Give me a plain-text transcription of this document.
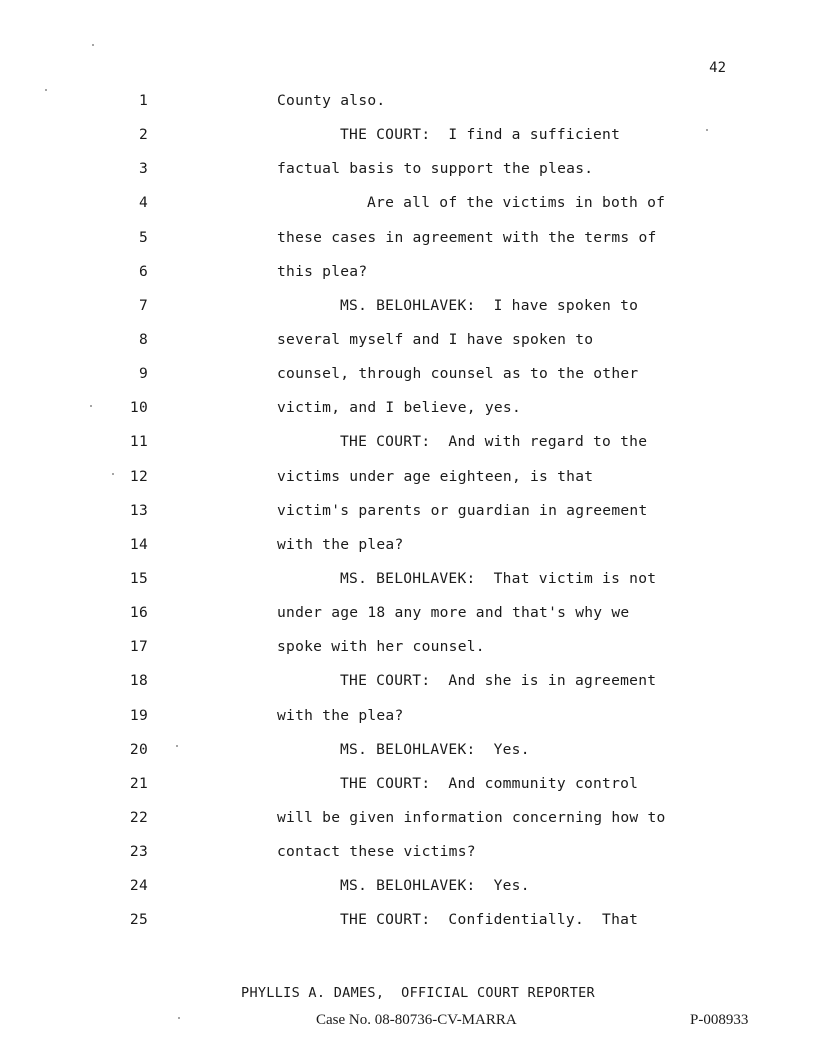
42

1

	County also.

2

	THE COURT:  I find a sufficient

3

	factual basis to support the pleas.

4

	Are all of the victims in both of

5

	these cases in agreement with the terms of

6

	this plea?

7

	MS. BELOHLAVEK:  I have spoken to

8

	several myself and I have spoken to

9

	counsel, through counsel as to the other

10

	victim, and I believe, yes.

11

	THE COURT:  And with regard to the

12

	victims under age eighteen, is that

13

	victim's parents or guardian in agreement

14

	with the plea?

15

	MS. BELOHLAVEK:  That victim is not

16

	under age 18 any more and that's why we

17

	spoke with her counsel.

18

	THE COURT:  And she is in agreement

19

	with the plea?

20

	MS. BELOHLAVEK:  Yes.

21

	THE COURT:  And community control

22

	will be given information concerning how to

23

	contact these victims?

24

	MS. BELOHLAVEK:  Yes.

25

	THE COURT:  Confidentially.  That

PHYLLIS A. DAMES,  OFFICIAL COURT REPORTER
Case No. 08-80736-CV-MARRA	P-008933
